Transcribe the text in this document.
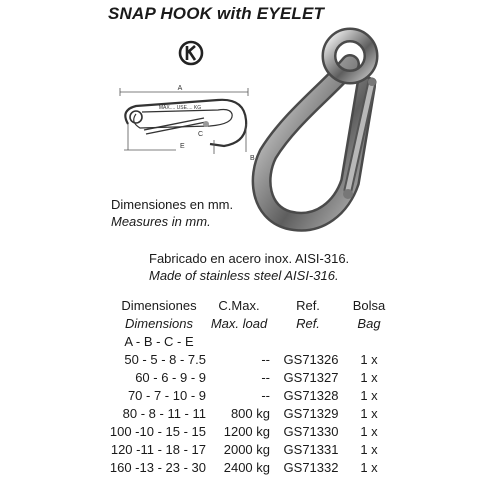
SNAP HOOK with EYELET
A
B
C
E
MAX.... USE.... KG
Dimensiones en mm.
Measures in mm.
Fabricado en acero inox. AISI-316.
Made of stainless steel AISI-316.
Dimensiones	C.Max.	Ref.	Bolsa
Dimensions	Max. load	Ref.	Bag
A - B - C - E
50 - 5 - 8 - 7.5	--	GS71326	1 x
60 - 6 - 9 - 9	--	GS71327	1 x
70 - 7 - 10 - 9	--	GS71328	1 x
80 - 8 - 11 - 11	800 kg	GS71329	1 x
100 -10 - 15 - 15	1200 kg	GS71330	1 x
120 -11 - 18 - 17	2000 kg	GS71331	1 x
160 -13 - 23 - 30	2400 kg	GS71332	1 x
